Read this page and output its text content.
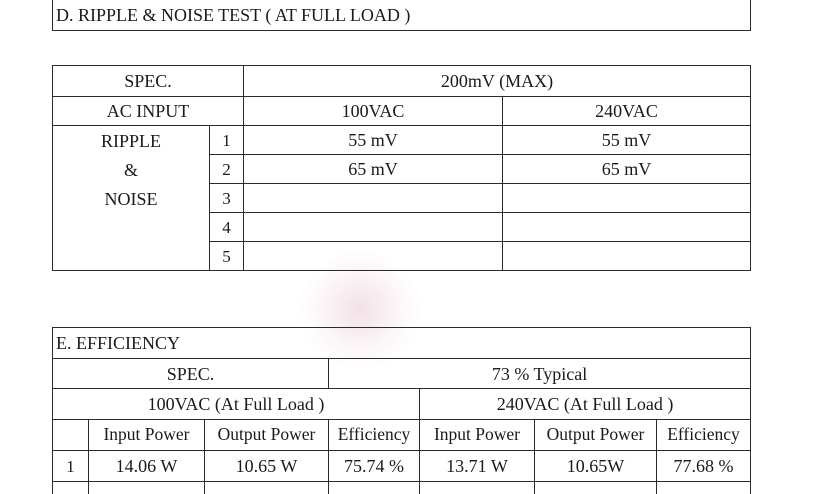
D. RIPPLE & NOISE TEST ( AT FULL LOAD )
SPEC.		200mV (MAX)	
AC INPUT		100VAC	240VAC

RIPPLE
&
NOISE	1	55 mV	55 mV
	2	65 mV	65 mV
	3		
	4		
	5		
E. EFFICIENCY						
SPEC.			73 % Typical			
100VAC (At Full Load )				240VAC (At Full Load )		
	Input Power	Output Power	Efficiency	Input Power	Output Power	Efficiency
1	14.06 W	10.65 W	75.74 %	13.71 W	10.65W	77.68 %
